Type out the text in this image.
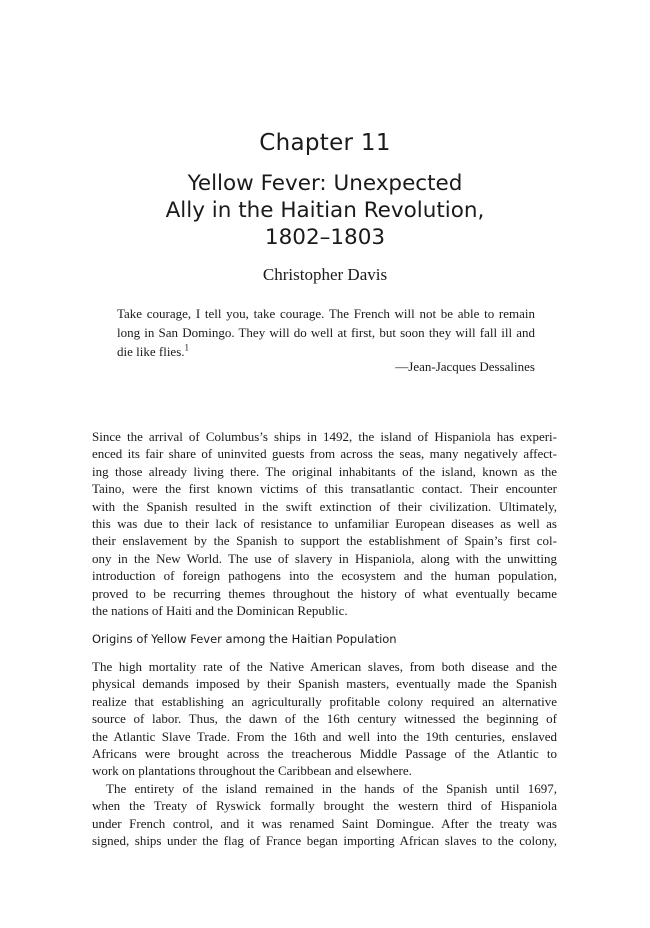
Chapter 11
Yellow Fever: Unexpected
Ally in the Haitian Revolution,
1802–1803
Christopher Davis
Take courage, I tell you, take courage. The French will not be able to remain long in San Domingo. They will do well at first, but soon they will fall ill and die like flies.$^1$
—Jean-Jacques Dessalines
Since the arrival of Columbus’s ships in 1492, the island of Hispaniola has experi-
enced its fair share of uninvited guests from across the seas, many negatively affect-
ing those already living there. The original inhabitants of the island, known as the
Taino, were the first known victims of this transatlantic contact. Their encounter
with the Spanish resulted in the swift extinction of their civilization. Ultimately,
this was due to their lack of resistance to unfamiliar European diseases as well as
their enslavement by the Spanish to support the establishment of Spain’s first col-
ony in the New World. The use of slavery in Hispaniola, along with the unwitting
introduction of foreign pathogens into the ecosystem and the human population,
proved to be recurring themes throughout the history of what eventually became
the nations of Haiti and the Dominican Republic.
Origins of Yellow Fever among the Haitian Population
The high mortality rate of the Native American slaves, from both disease and the
physical demands imposed by their Spanish masters, eventually made the Spanish
realize that establishing an agriculturally profitable colony required an alternative
source of labor. Thus, the dawn of the 16th century witnessed the beginning of
the Atlantic Slave Trade. From the 16th and well into the 19th centuries, enslaved
Africans were brought across the treacherous Middle Passage of the Atlantic to
work on plantations throughout the Caribbean and elsewhere.
The entirety of the island remained in the hands of the Spanish until 1697,
when the Treaty of Ryswick formally brought the western third of Hispaniola
under French control, and it was renamed Saint Domingue. After the treaty was
signed, ships under the flag of France began importing African slaves to the colony,
